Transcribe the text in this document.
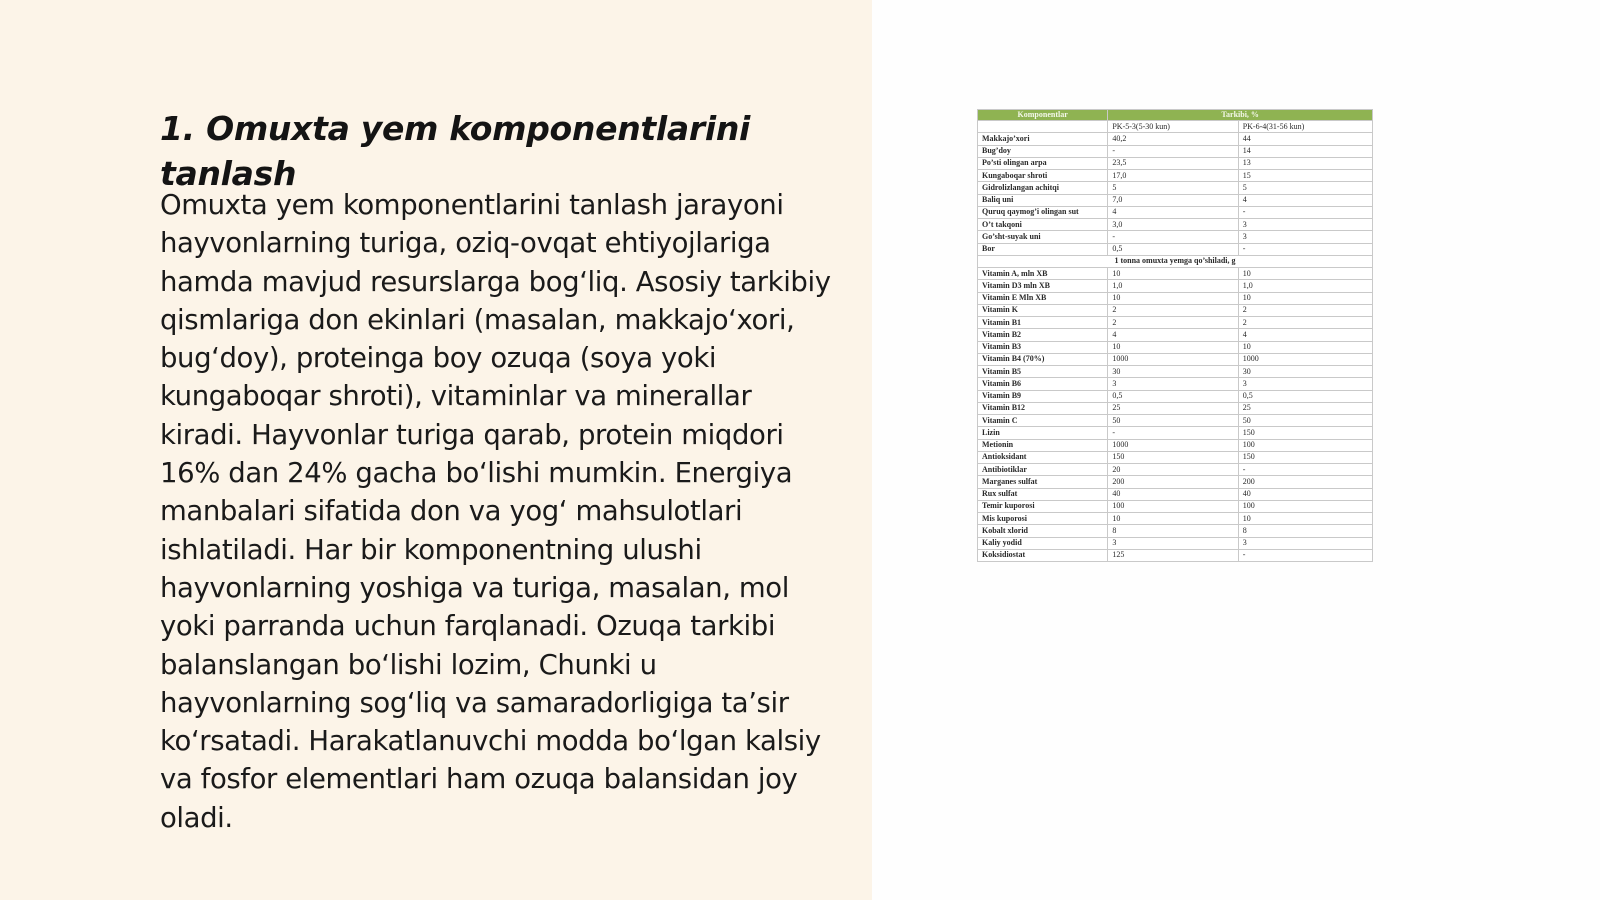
1. Omuxta yem komponentlarini tanlash

Omuxta yem komponentlarini tanlash jarayoni hayvonlarning turiga, oziq-ovqat ehtiyojlariga hamda mavjud resurslarga bog‘liq. Asosiy tarkibiy qismlariga don ekinlari (masalan, makkajo‘xori, bug‘doy), proteinga boy ozuqa (soya yoki kungaboqar shroti), vitaminlar va minerallar kiradi. Hayvonlar turiga qarab, protein miqdori 16% dan 24% gacha bo‘lishi mumkin. Energiya manbalari sifatida don va yog‘ mahsulotlari ishlatiladi. Har bir komponentning ulushi hayvonlarning yoshiga va turiga, masalan, mol yoki parranda uchun farqlanadi. Ozuqa tarkibi balanslangan bo‘lishi lozim, Chunki u hayvonlarning sog‘liq va samaradorligiga ta’sir ko‘rsatadi. Harakatlanuvchi modda bo‘lgan kalsiy va fosfor elementlari ham ozuqa balansidan joy oladi.

Komponentlar	Tarkibi, %	
	PK-5-3(5-30 kun)	PK-6-4(31-56 kun)
Makkajo’xori	40,2	44
Bug’doy	-	14
Po’sti olingan arpa	23,5	13
Kungaboqar shroti	17,0	15
Gidrolizlangan achitqi	5	5
Baliq uni	7,0	4
Quruq qaymog’i olingan sut	4	-
O’t takqoni	3,0	3
Go’sht-suyak uni	-	3
Bor	0,5	-
1 tonna omuxta yemga qo’shiladi, g		
Vitamin A, mln XB	10	10
Vitamin D3 mln XB	1,0	1,0
Vitamin E Mln XB	10	10
Vitamin K	2	2
Vitamin B1	2	2
Vitamin B2	4	4
Vitamin B3	10	10
Vitamin B4 (70%)	1000	1000
Vitamin B5	30	30
Vitamin B6	3	3
Vitamin B9	0,5	0,5
Vitamin B12	25	25
Vitamin C	50	50
Lizin	-	150
Metionin	1000	100
Antioksidant	150	150
Antibiotiklar	20	-
Marganes sulfat	200	200
Rux sulfat	40	40
Temir kuporosi	100	100
Mis kuporosi	10	10
Kobalt xlorid	8	8
Kaliy yodid	3	3
Koksidiostat	125	-
